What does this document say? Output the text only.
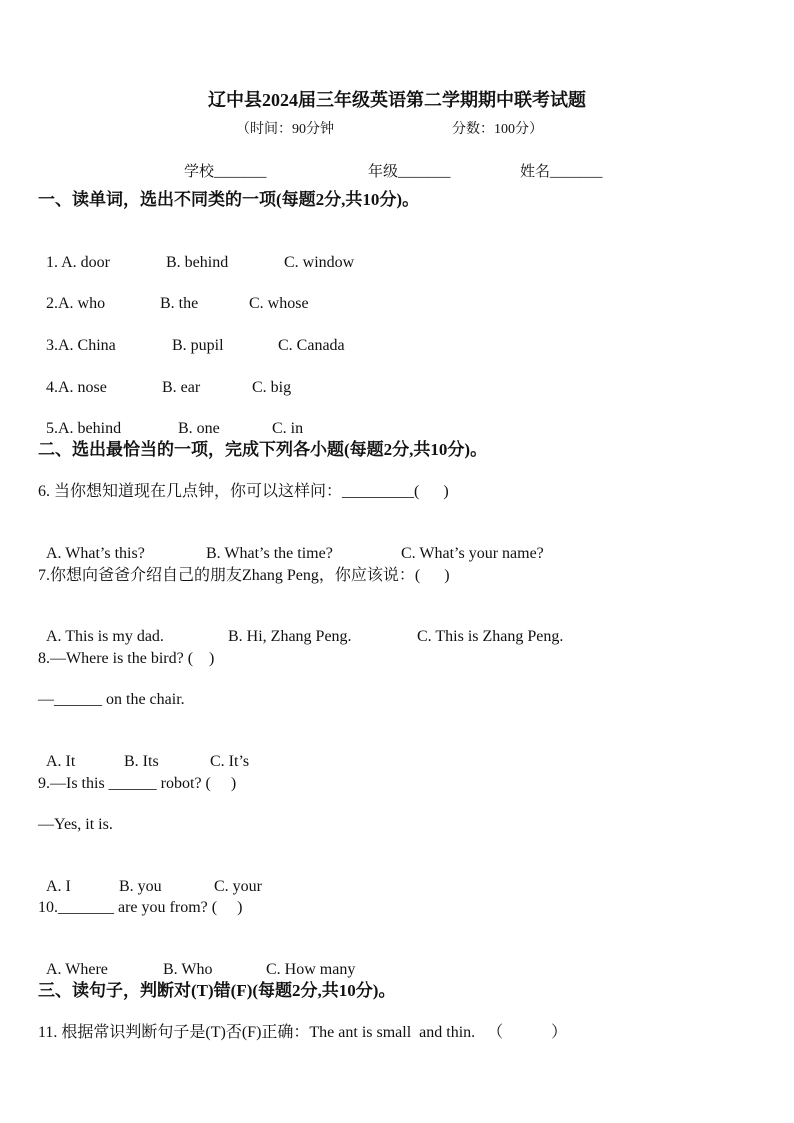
辽中县2024届三年级英语第二学期期中联考试题
（时间：90分钟	分数：100分）
学校_______	年级_______	姓名_______
一、读单词，选出不同类的一项(每题2分,共10分)。

1. A. door	B. behind	C. window

2.A. who	B. the	C. whose

3.A. China	B. pupil	C. Canada

4.A. nose	B. ear	C. big

5.A. behind	B. one	C. in

二、选出最恰当的一项，完成下列各小题(每题2分,共10分)。
6. 当你想知道现在几点钟，你可以这样问：_________(      )

A. What’s this?	B. What’s the time?	C. What’s your name?

7.你想向爸爸介绍自己的朋友Zhang Peng，你应该说：(      )

A. This is my dad.	B. Hi, Zhang Peng.	C. This is Zhang Peng.

8.—Where is the bird? (    )
—______ on the chair.

A. It	B. Its	C. It’s

9.—Is this ______ robot? (     )
—Yes, it is.

A. I	B. you	C. your

10._______ are you from? (     )

A. Where	B. Who	C. How many

三、读句子，判断对(T)错(F)(每题2分,共10分)。
11. 根据常识判断句子是(T)否(F)正确：The ant is small  and thin.   （            ）
